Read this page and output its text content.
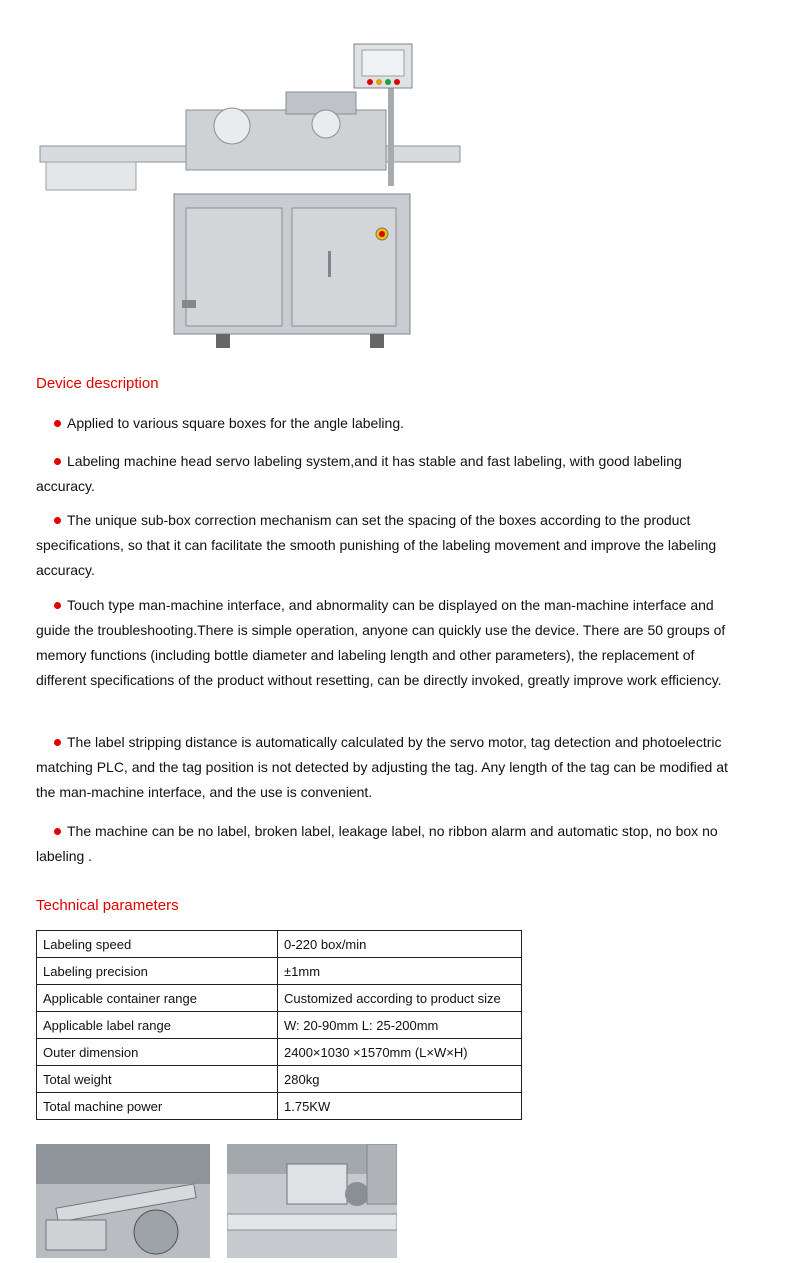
Device description

Applied to various square boxes for the angle labeling.

Labeling machine head servo labeling system,and it has stable and fast labeling, with good labeling accuracy.

The unique sub-box correction mechanism can set the spacing of the boxes according to the product specifications, so that it can facilitate the smooth punishing of the labeling movement and improve the labeling accuracy.

Touch type man-machine interface, and abnormality can be displayed on the man-machine interface and guide the troubleshooting.There is simple operation, anyone can quickly use the device. There are 50 groups of memory functions (including bottle diameter and labeling length and other parameters), the replacement of different specifications of the product without resetting, can be directly invoked, greatly improve work efficiency.

The label stripping distance is automatically calculated by the servo motor, tag detection and photoelectric matching PLC, and the tag position is not detected by adjusting the tag. Any length of the tag can be modified at the man-machine interface, and the use is convenient.

The machine can be no label, broken label, leakage label, no ribbon alarm and automatic stop, no box no labeling .

Technical parameters
Labeling speed	0-220 box/min
Labeling precision	±1mm
Applicable container range	Customized according to product size
Applicable label range	W: 20-90mm L: 25-200mm
Outer dimension	2400×1030 ×1570mm (L×W×H)
Total weight	280kg
Total machine power	1.75KW
